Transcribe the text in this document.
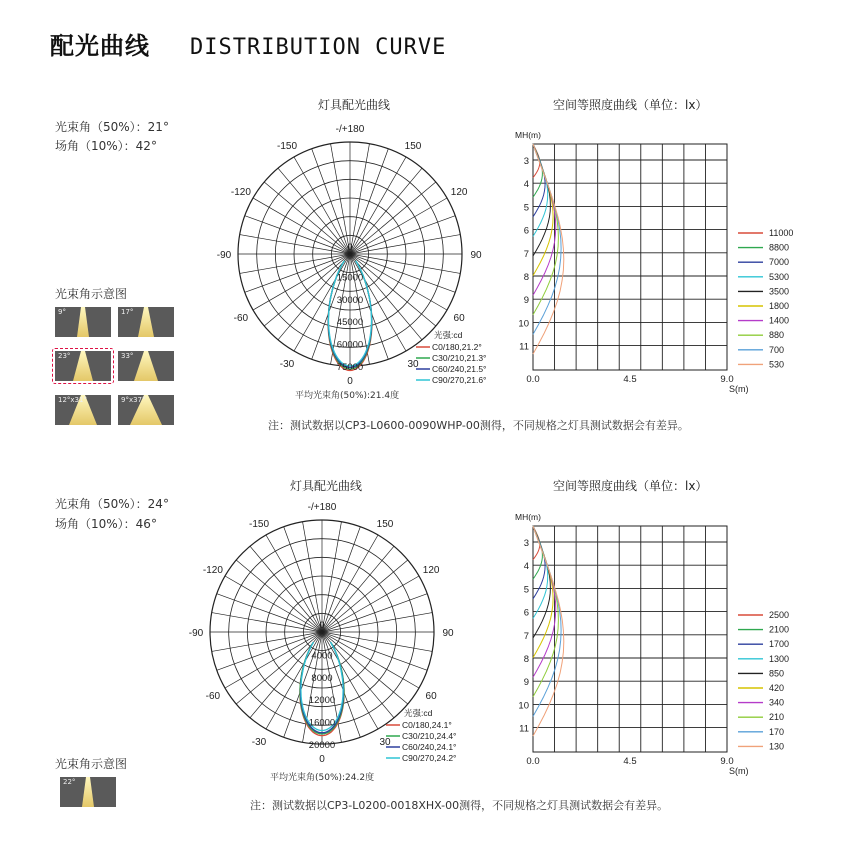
配光曲线 DISTRIBUTION CURVE
光束角（50%）：21°
场角（10%）：42°
光束角示意图
9°	17°
23°	33°
12°x31°	9°x37°
灯具配光曲线
-/+180
150
120
90
60
30
0
-30
-60
-90
-120
-150
0
15000
30000
45000
60000
75000
光强:cd
C0/180,21.2°
C30/210,21.3°
C60/240,21.5°
C90/270,21.6°
平均光束角(50%):21.4度
空间等照度曲线（单位：lx）
3
4
5
6
7
8
9
10
11
MH(m)
0.0	4.5	9.0
S(m)
11000
8800
7000
5300
3500
1800
1400
880
700
530
注：测试数据以CP3-L0600-0090WHP-00测得，不同规格之灯具测试数据会有差异。
光束角（50%）：24°
场角（10%）：46°
光束角示意图
22°
灯具配光曲线
-/+180
150
120
90
60
30
0
-30
-60
-90
-120
-150
0
4000
8000
12000
16000
20000
光强:cd
C0/180,24.1°
C30/210,24.4°
C60/240,24.1°
C90/270,24.2°
平均光束角(50%):24.2度
空间等照度曲线（单位：lx）
3
4
5
6
7
8
9
10
11
MH(m)
0.0	4.5	9.0
S(m)
2500
2100
1700
1300
850
420
340
210
170
130
注：测试数据以CP3-L0200-0018XHX-00测得，不同规格之灯具测试数据会有差异。
